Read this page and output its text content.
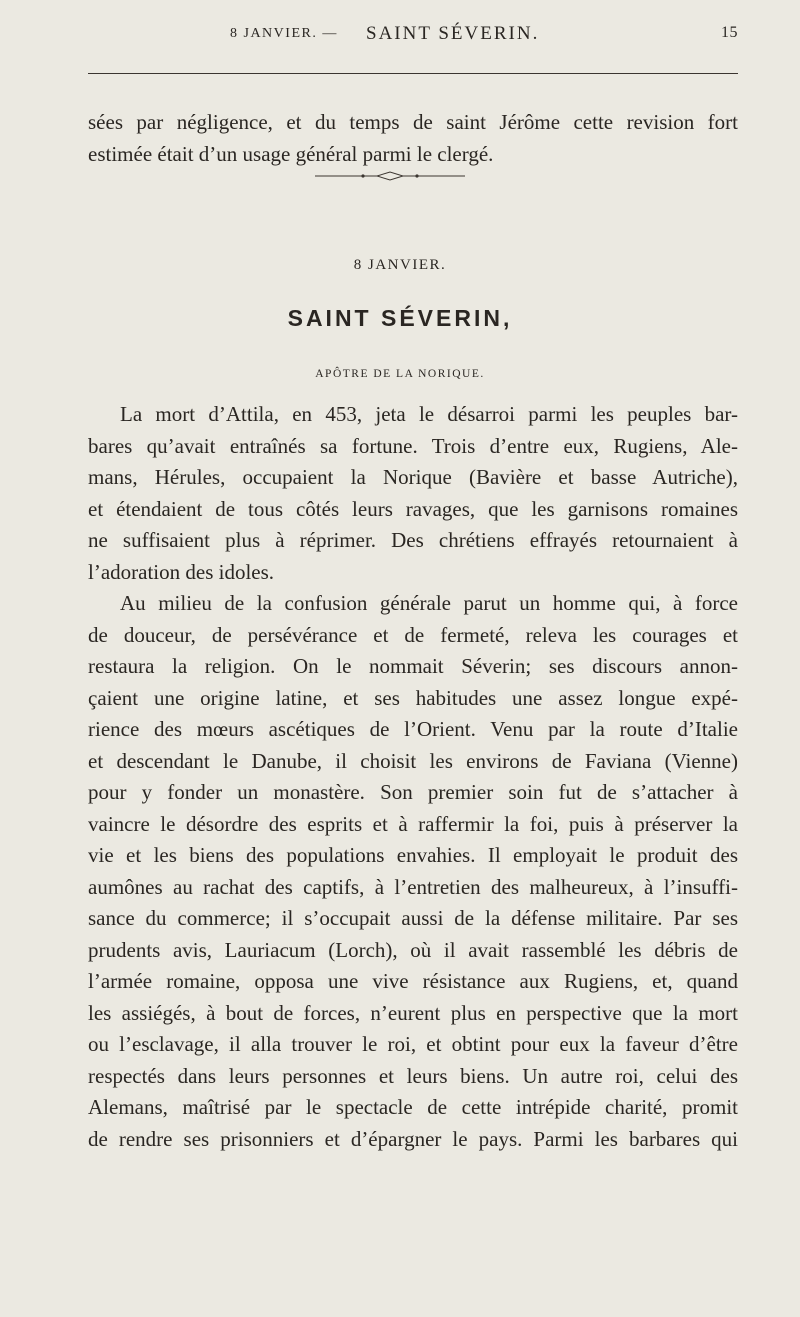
8 JANVIER. — SAINT SÉVERIN.	15
sées par négligence, et du temps de saint Jérôme cette revision fort
estimée était d’un usage général parmi le clergé.
8 JANVIER.
SAINT SÉVERIN,
APÔTRE DE LA NORIQUE.
La mort d’Attila, en 453, jeta le désarroi parmi les peuples bar-
bares qu’avait entraînés sa fortune. Trois d’entre eux, Rugiens, Ale-
mans, Hérules, occupaient la Norique (Bavière et basse Autriche),
et étendaient de tous côtés leurs ravages, que les garnisons romaines
ne suffisaient plus à réprimer. Des chrétiens effrayés retournaient à
l’adoration des idoles.
Au milieu de la confusion générale parut un homme qui, à force
de douceur, de persévérance et de fermeté, releva les courages et
restaura la religion. On le nommait Séverin; ses discours annon-
çaient une origine latine, et ses habitudes une assez longue expé-
rience des mœurs ascétiques de l’Orient. Venu par la route d’Italie
et descendant le Danube, il choisit les environs de Faviana (Vienne)
pour y fonder un monastère. Son premier soin fut de s’attacher à
vaincre le désordre des esprits et à raffermir la foi, puis à préserver la
vie et les biens des populations envahies. Il employait le produit des
aumônes au rachat des captifs, à l’entretien des malheureux, à l’insuffi-
sance du commerce; il s’occupait aussi de la défense militaire. Par ses
prudents avis, Lauriacum (Lorch), où il avait rassemblé les débris de
l’armée romaine, opposa une vive résistance aux Rugiens, et, quand
les assiégés, à bout de forces, n’eurent plus en perspective que la mort
ou l’esclavage, il alla trouver le roi, et obtint pour eux la faveur d’être
respectés dans leurs personnes et leurs biens. Un autre roi, celui des
Alemans, maîtrisé par le spectacle de cette intrépide charité, promit
de rendre ses prisonniers et d’épargner le pays. Parmi les barbares qui
